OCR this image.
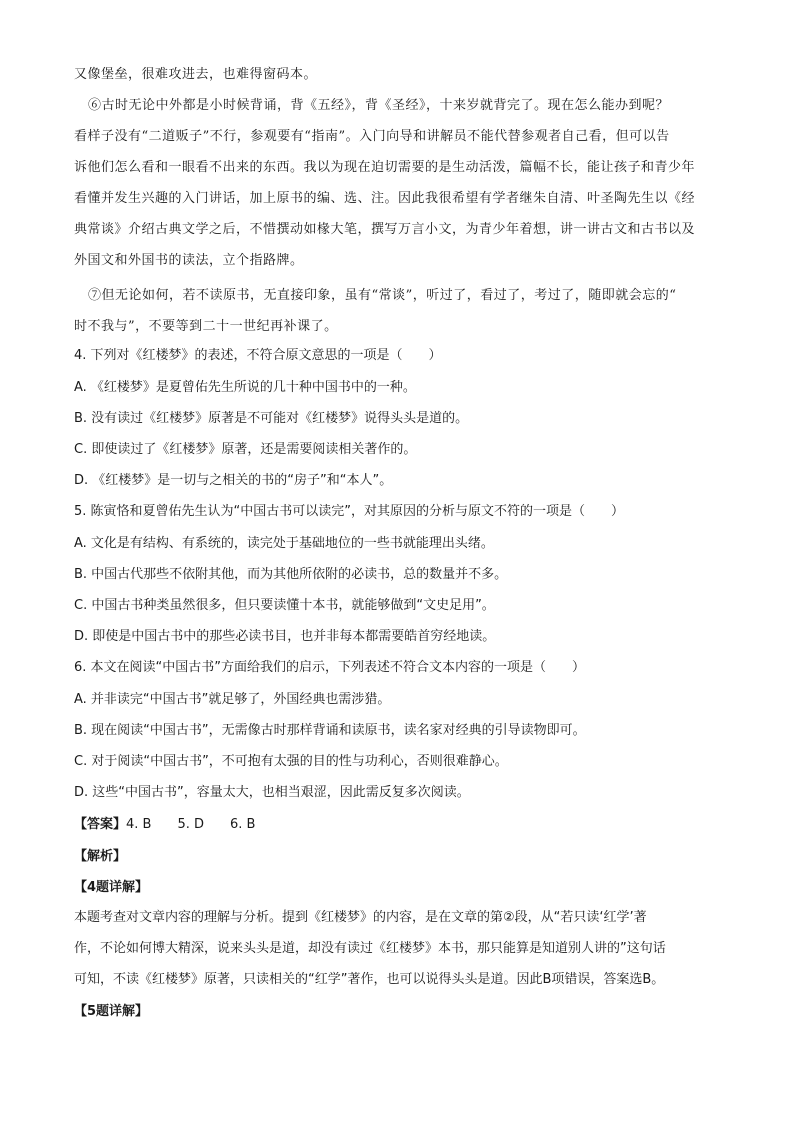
又像堡垒，很难攻进去，也难得窗码本。
⑥古时无论中外都是小时候背诵，背《五经》，背《圣经》，十来岁就背完了。现在怎么能办到呢？
看样子没有“二道贩子”不行，参观要有“指南”。入门向导和讲解员不能代替参观者自己看，但可以告
诉他们怎么看和一眼看不出来的东西。我以为现在迫切需要的是生动活泼，篇幅不长，能让孩子和青少年
看懂并发生兴趣的入门讲话，加上原书的编、选、注。因此我很希望有学者继朱自清、叶圣陶先生以《经
典常谈》介绍古典文学之后，不惜撰动如椽大笔，撰写万言小文，为青少年着想，讲一讲古文和古书以及
外国文和外国书的读法，立个指路牌。
⑦但无论如何，若不读原书，无直接印象，虽有“常谈”，听过了，看过了，考过了，随即就会忘的“
时不我与”，不要等到二十一世纪再补课了。
4. 下列对《红楼梦》的表述，不符合原文意思的一项是（　　）
A. 《红楼梦》是夏曾佑先生所说的几十种中国书中的一种。
B. 没有读过《红楼梦》原著是不可能对《红楼梦》说得头头是道的。
C. 即使读过了《红楼梦》原著，还是需要阅读相关著作的。
D. 《红楼梦》是一切与之相关的书的“房子”和“本人”。
5. 陈寅恪和夏曾佑先生认为“中国古书可以读完”，对其原因的分析与原文不符的一项是（　　）
A. 文化是有结构、有系统的，读完处于基础地位的一些书就能理出头绪。
B. 中国古代那些不依附其他，而为其他所依附的必读书，总的数量并不多。
C. 中国古书种类虽然很多，但只要读懂十本书，就能够做到“文史足用”。
D. 即使是中国古书中的那些必读书目，也并非每本都需要皓首穷经地读。
6. 本文在阅读“中国古书”方面给我们的启示，下列表述不符合文本内容的一项是（　　）
A. 并非读完“中国古书”就足够了，外国经典也需涉猎。
B. 现在阅读“中国古书”，无需像古时那样背诵和读原书，读名家对经典的引导读物即可。
C. 对于阅读“中国古书”，不可抱有太强的目的性与功利心，否则很难静心。
D. 这些“中国古书”，容量太大，也相当艰涩，因此需反复多次阅读。
【答案】4. B　　5. D　　6. B
【解析】
【4题详解】
本题考查对文章内容的理解与分析。提到《红楼梦》的内容，是在文章的第②段，从“若只读‘红学’著
作，不论如何博大精深，说来头头是道，却没有读过《红楼梦》本书，那只能算是知道别人讲的”这句话
可知，不读《红楼梦》原著，只读相关的“红学”著作，也可以说得头头是道。因此B项错误，答案选B。
【5题详解】
